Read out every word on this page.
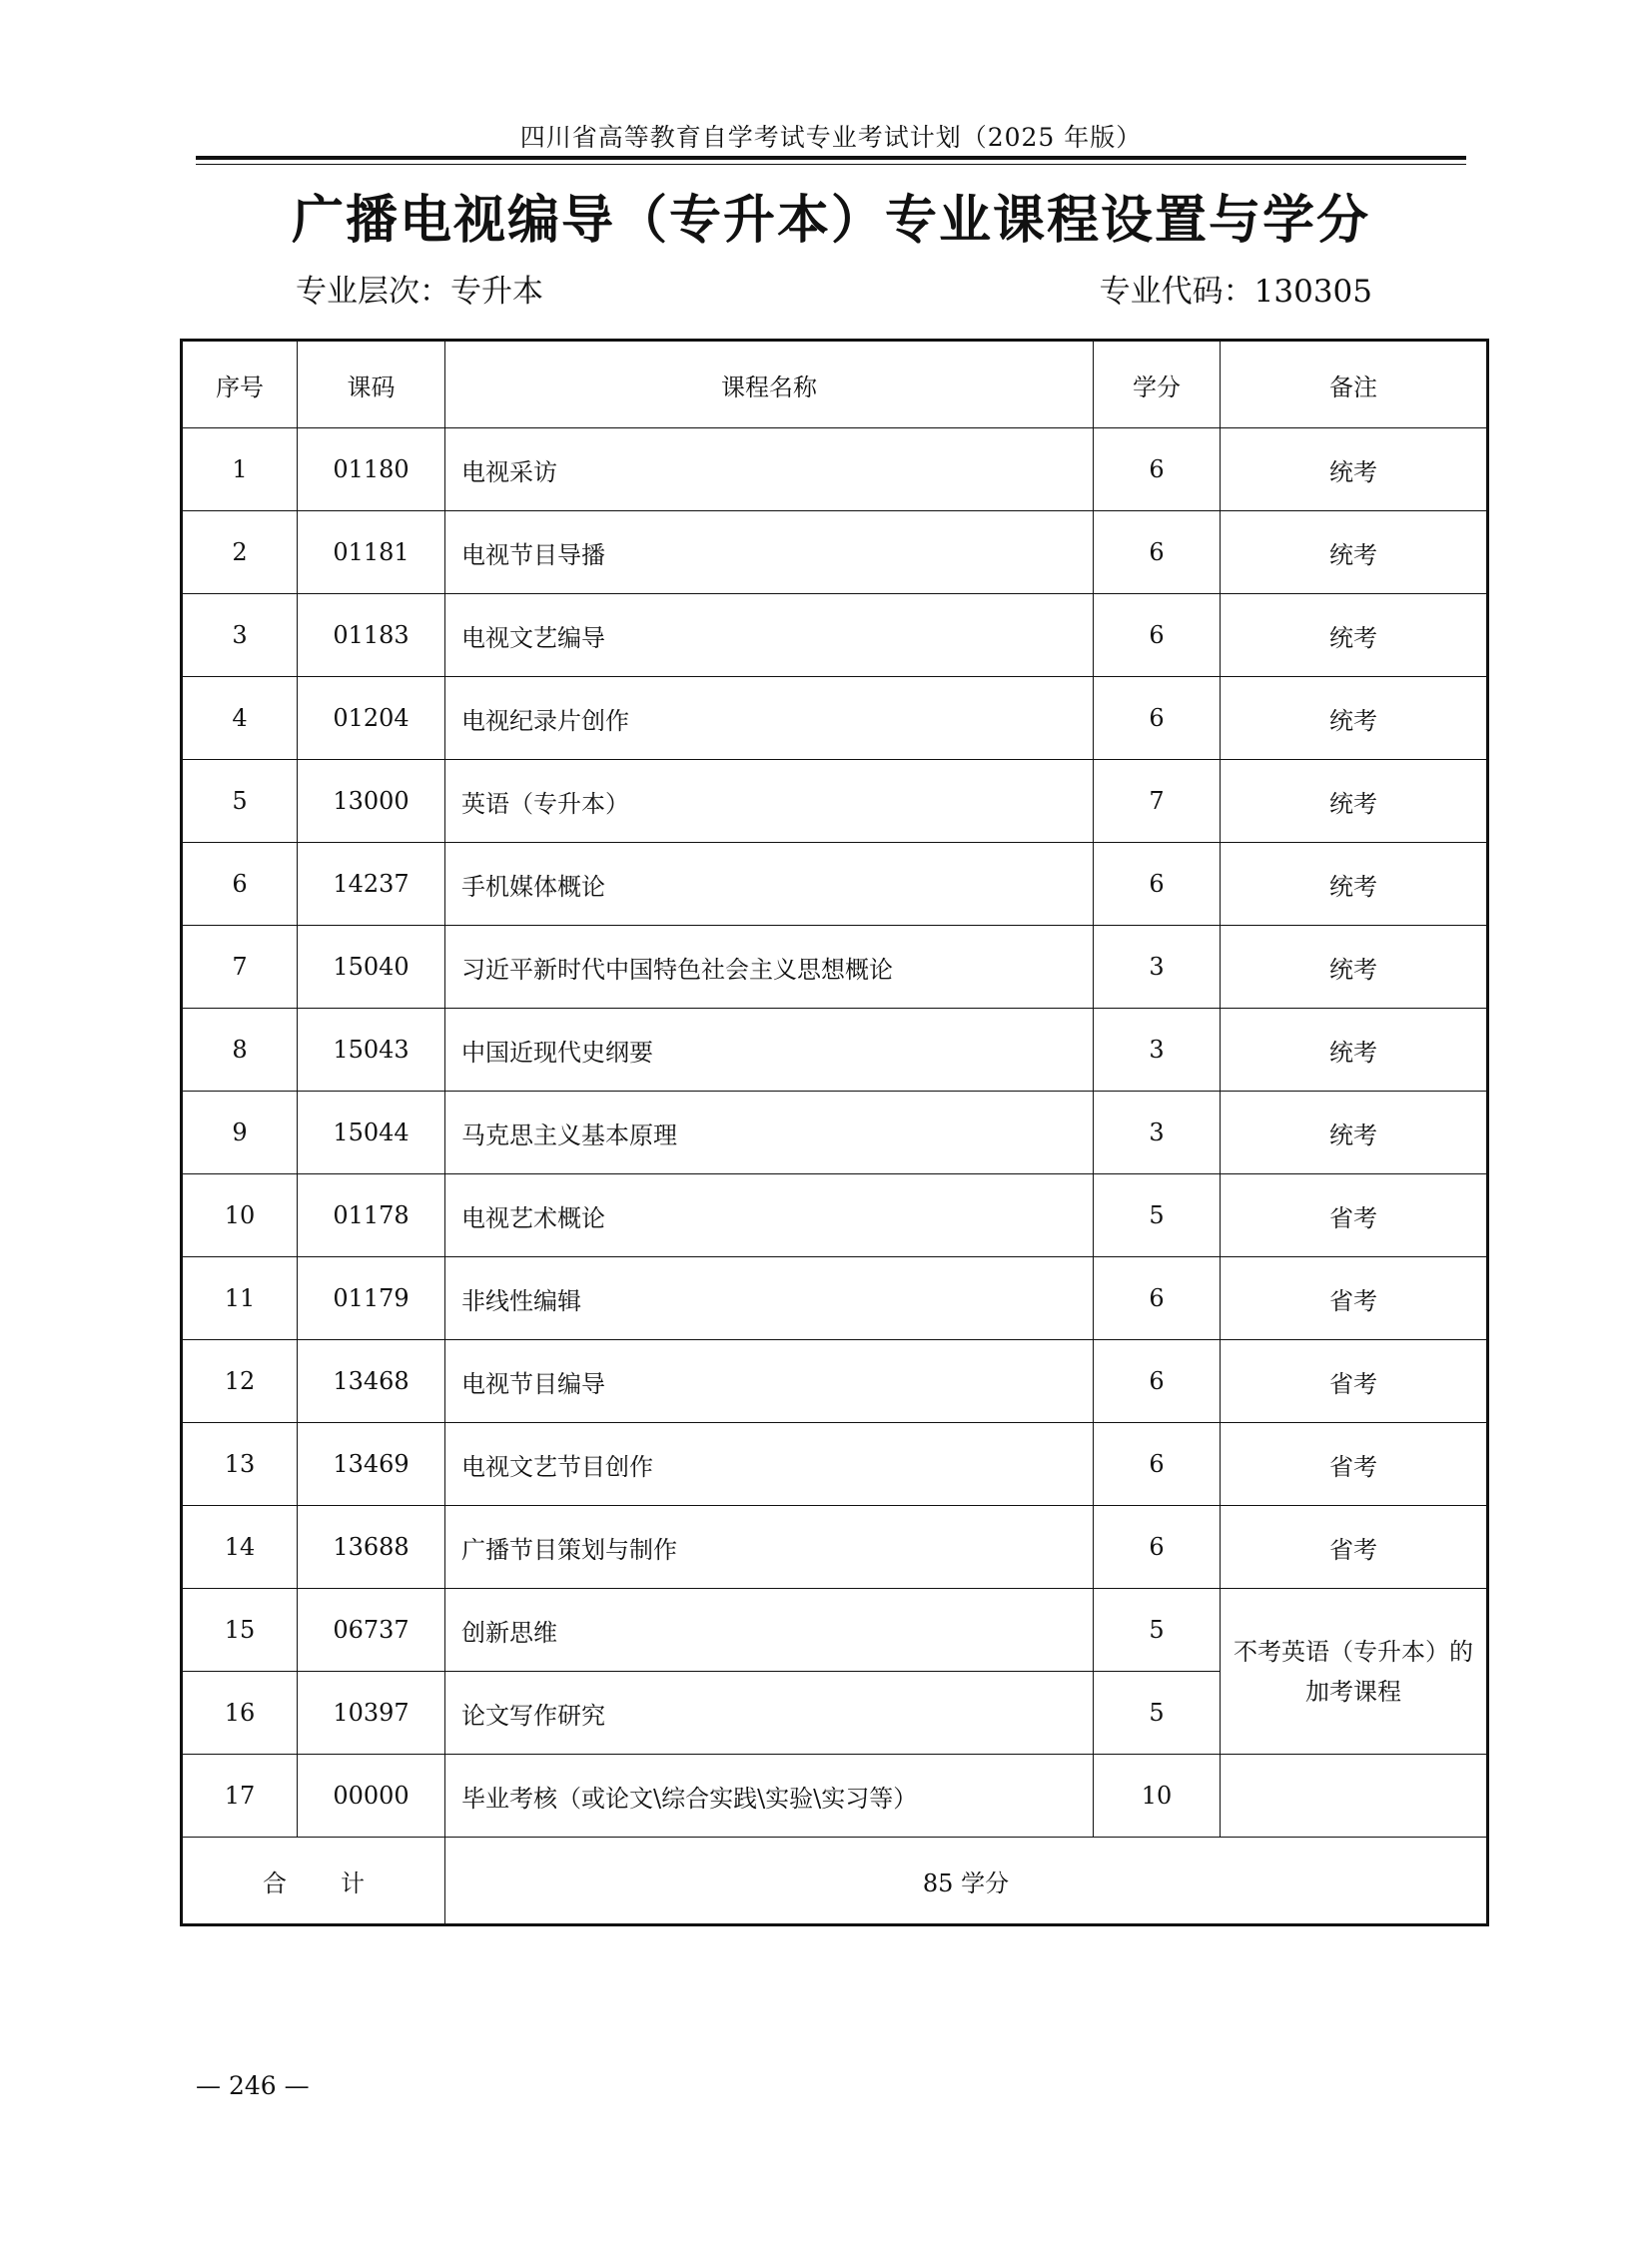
四川省高等教育自学考试专业考试计划（2025 年版）
广播电视编导（专升本）专业课程设置与学分
专业层次：专升本	专业代码：130305
序号	课码	课程名称	学分	备注
1	01180	电视采访	6	统考
2	01181	电视节目导播	6	统考
3	01183	电视文艺编导	6	统考
4	01204	电视纪录片创作	6	统考
5	13000	英语（专升本）	7	统考
6	14237	手机媒体概论	6	统考
7	15040	习近平新时代中国特色社会主义思想概论	3	统考
8	15043	中国近现代史纲要	3	统考
9	15044	马克思主义基本原理	3	统考
10	01178	电视艺术概论	5	省考
11	01179	非线性编辑	6	省考
12	13468	电视节目编导	6	省考
13	13469	电视文艺节目创作	6	省考
14	13688	广播节目策划与制作	6	省考
15	06737	创新思维	5	不考英语（专升本）的
加考课程

16	10397	论文写作研究	5	
17	00000	毕业考核（或论文\综合实践\实验\实习等）	10	
合计		85 学分		
— 246 —
